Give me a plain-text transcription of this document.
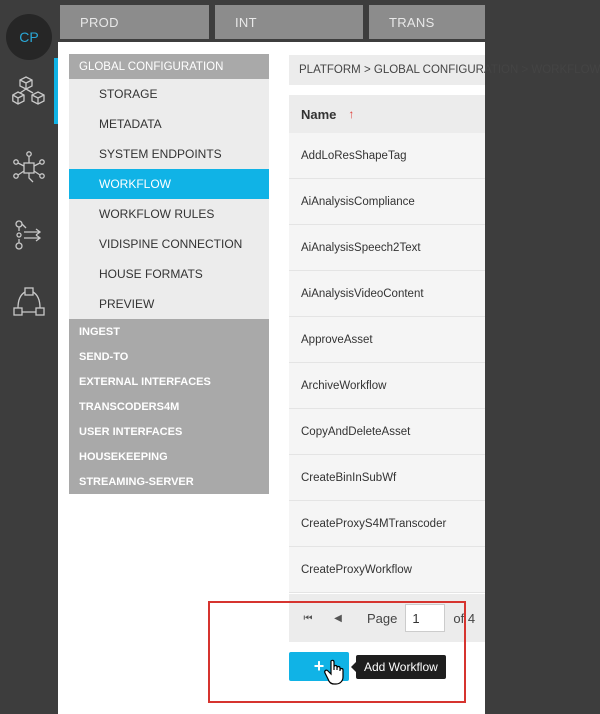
CP
PROD	INT	TRANS
GLOBAL CONFIGURATION
STORAGE
METADATA
SYSTEM ENDPOINTS
WORKFLOW
WORKFLOW RULES
VIDISPINE CONNECTION
HOUSE FORMATS
PREVIEW
INGEST
SEND-TO
EXTERNAL INTERFACES
TRANSCODERS4M
USER INTERFACES
HOUSEKEEPING
STREAMING-SERVER
PLATFORM > GLOBAL CONFIGURATION > WORKFLOW
Name ↑
AddLoResShapeTag
AiAnalysisCompliance
AiAnalysisSpeech2Text
AiAnalysisVideoContent
ApproveAsset
ArchiveWorkflow
CopyAndDeleteAsset
CreateBinInSubWf
CreateProxyS4MTranscoder
CreateProxyWorkflow
⏮︎	◀︎	Page
1	of 4
+	Add Workflow
